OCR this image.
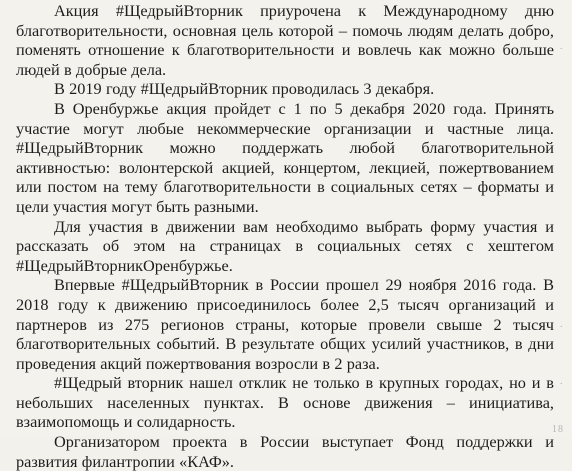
Акция #ЩедрыйВторник приурочена к Международному дню благотворительности, основная цель которой – помочь людям делать добро, поменять отношение к благотворительности и вовлечь как можно больше людей в добрые дела.

В 2019 году #ЩедрыйВторник проводилась 3 декабря.

В Оренбуржье акция пройдет с 1 по 5 декабря 2020 года. Принять участие могут любые некоммерческие организации и частные лица. #ЩедрыйВторник можно поддержать любой благотворительной активностью: волонтерской акцией, концертом, лекцией, пожертвованием или постом на тему благотворительности в социальных сетях – форматы и цели участия могут быть разными.

Для участия в движении вам необходимо выбрать форму участия и рассказать об этом на страницах в социальных сетях с хештегом #ЩедрыйВторникОренбуржье.

Впервые #ЩедрыйВторник в России прошел 29 ноября 2016 года. В 2018 году к движению присоединилось более 2,5 тысяч организаций и партнеров из 275 регионов страны, которые провели свыше 2 тысяч благотворительных событий. В результате общих усилий участников, в дни проведения акций пожертвования возросли в 2 раза.

#Щедрый вторник нашел отклик не только в крупных городах, но и в небольших населенных пунктах. В основе движения – инициатива, взаимопомощь и солидарность.

Организатором проекта в России выступает Фонд поддержки и развития филантропии «КАФ».

·
·
·
18
